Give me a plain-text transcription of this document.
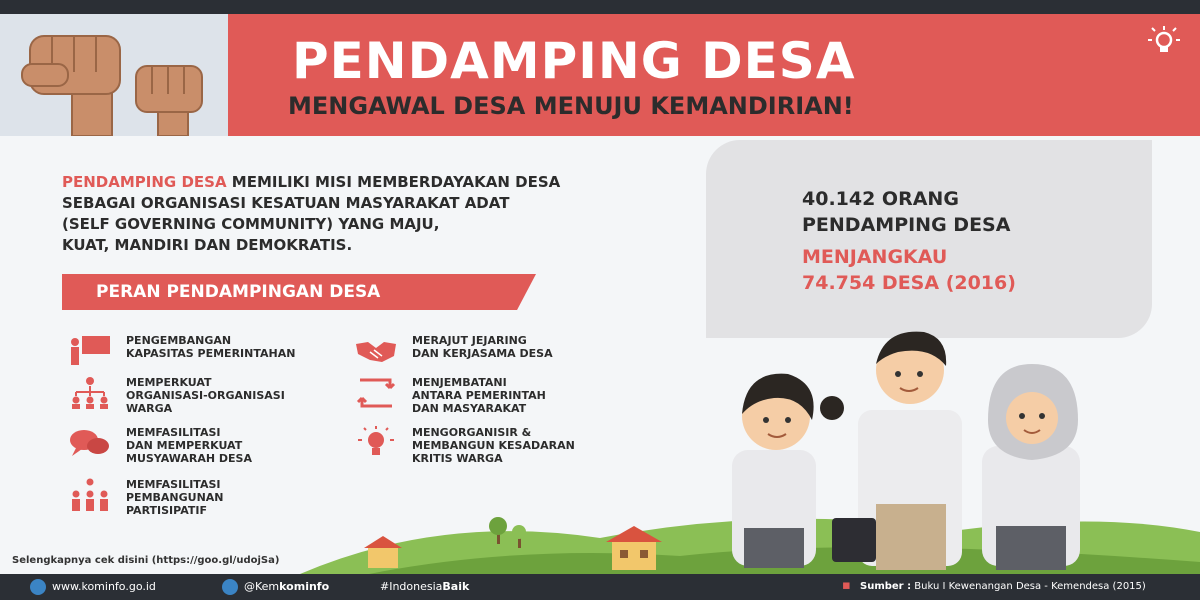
PENDAMPING DESA
MENGAWAL DESA MENUJU KEMANDIRIAN!
PENDAMPING DESA MEMILIKI MISI MEMBERDAYAKAN DESA
SEBAGAI ORGANISASI KESATUAN MASYARAKAT ADAT
(SELF GOVERNING COMMUNITY) YANG MAJU,
KUAT, MANDIRI DAN DEMOKRATIS.
40.142 ORANG
PENDAMPING DESA
MENJANGKAU
74.754 DESA (2016)
PERAN PENDAMPINGAN DESA
PENGEMBANGAN
KAPASITAS PEMERINTAHAN
MEMPERKUAT
ORGANISASI-ORGANISASI
WARGA
MEMFASILITASI
DAN MEMPERKUAT
MUSYAWARAH DESA
MEMFASILITASI
PEMBANGUNAN
PARTISIPATIF
MERAJUT JEJARING
DAN KERJASAMA DESA
MENJEMBATANI
ANTARA PEMERINTAH
DAN MASYARAKAT
MENGORGANISIR &
MEMBANGUN KESADARAN
KRITIS WARGA
Selengkapnya cek disini (https://goo.gl/udojSa)
www.kominfo.go.id	@Kemkominfo	#IndonesiaBaik	▪ Sumber : Buku I Kewenangan Desa - Kemendesa (2015)
